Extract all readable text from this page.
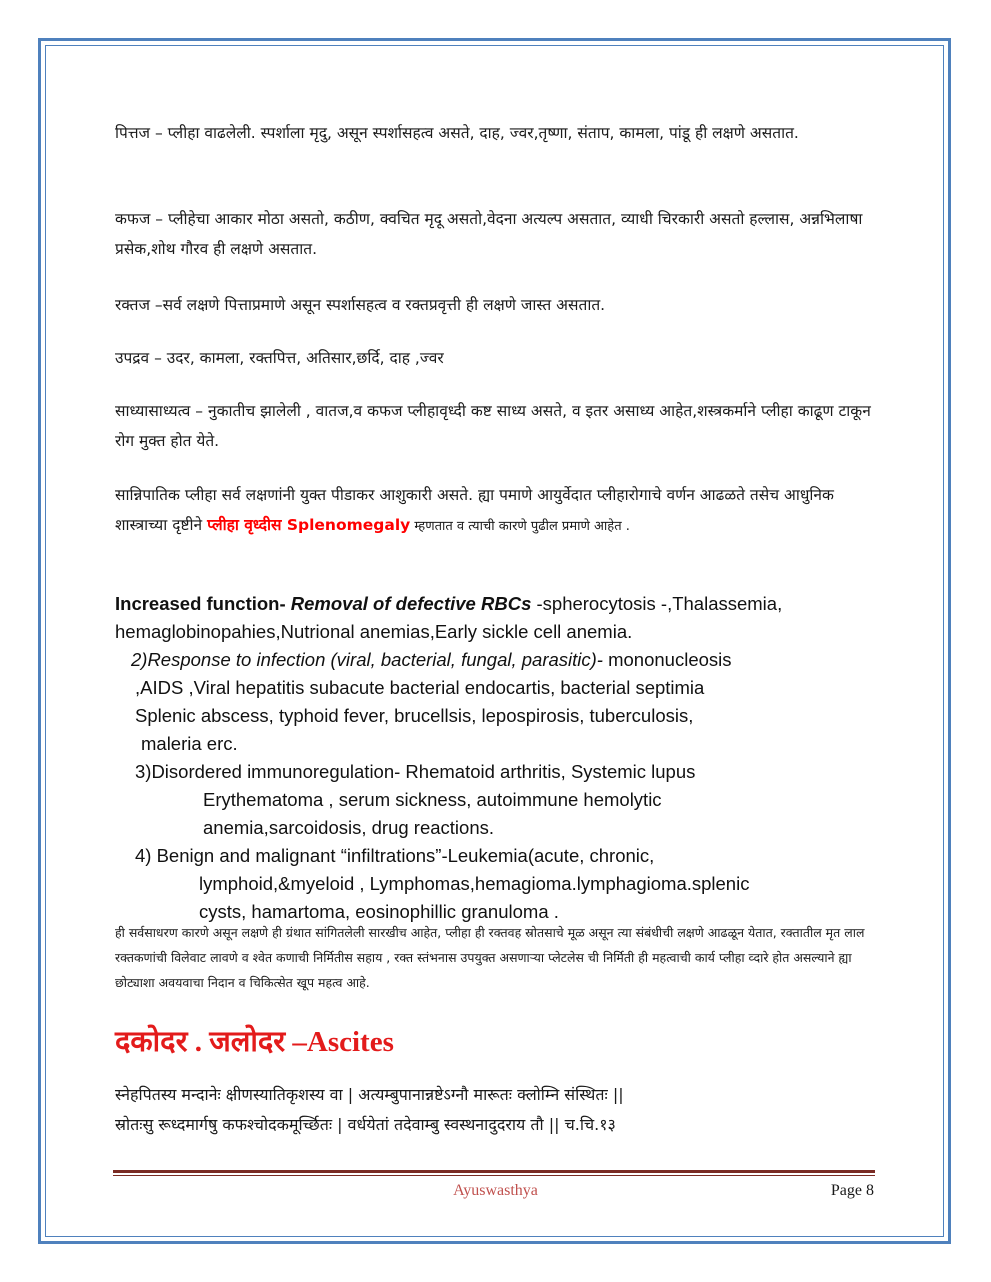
पित्तज – प्लीहा वाढलेली. स्पर्शाला मृदु, असून स्पर्शासहत्व असते, दाह, ज्वर,तृष्णा, संताप, कामला, पांडू ही लक्षणे असतात.

कफज – प्लीहेचा आकार मोठा असतो, कठीण, क्वचित मृदू असतो,वेदना अत्यल्प असतात, व्याधी चिरकारी असतो हल्लास, अन्नभिलाषा प्रसेक,शोथ गौरव ही लक्षणे असतात.

रक्तज –सर्व लक्षणे पित्ताप्रमाणे असून स्पर्शासहत्व व रक्तप्रवृत्ती ही लक्षणे जास्त असतात.

उपद्रव – उदर, कामला, रक्तपित्त, अतिसार,छर्दि, दाह ,ज्वर

साध्यासाध्यत्व – नुकातीच झालेली , वातज,व कफज प्लीहावृध्दी कष्ट साध्य असते, व इतर असाध्य आहेत,शस्त्रकर्माने प्लीहा काढूण टाकून रोग मुक्त होत येते.

सान्निपातिक प्लीहा सर्व लक्षणांनी युक्त पीडाकर आशुकारी असते. ह्या पमाणे आयुर्वेदात प्लीहारोगाचे वर्णन आढळते तसेच आधुनिक शास्त्राच्या दृष्टीने प्लीहा वृध्दीस Splenomegaly म्हणतात व त्याची कारणे पुढील प्रमाणे आहेत .

Increased function- Removal of defective RBCs -spherocytosis -,Thalassemia,
hemaglobinopahies,Nutrional anemias,Early sickle cell anemia.
2)Response to infection (viral, bacterial, fungal, parasitic)- mononucleosis
,AIDS ,Viral hepatitis subacute bacterial endocartis, bacterial septimia
Splenic abscess, typhoid fever, brucellsis, lepospirosis, tuberculosis,
maleria erc.
3)Disordered immunoregulation- Rhematoid arthritis, Systemic lupus
Erythematoma , serum sickness, autoimmune hemolytic
anemia,sarcoidosis, drug reactions.
4) Benign and malignant “infiltrations”-Leukemia(acute, chronic,
lymphoid,&myeloid , Lymphomas,hemagioma.lymphagioma.splenic
cysts, hamartoma, eosinophillic granuloma .

ही सर्वसाधरण कारणे असून लक्षणे ही ग्रंथात सांगितलेली सारखीच आहेत, प्लीहा ही रक्तवह स्रोतसाचे मूळ असून त्या संबंधीची लक्षणे आढळून येतात, रक्तातील मृत लाल रक्तकणांची विलेवाट लावणे व श्वेत कणाची निर्मितीस सहाय , रक्त स्तंभनास उपयुक्त असणाऱ्या प्लेटलेस ची निर्मिती ही महत्वाची कार्य प्लीहा व्दारे होत असल्याने ह्या छोट्याशा अवयवाचा निदान व चिकित्सेत खूप महत्व आहे.

दकोदर . जलोदर –Ascites
स्नेहपितस्य मन्दानेः क्षीणस्यातिकृशस्य वा | अत्यम्बुपानान्नष्टेऽग्नौ मारूतः क्लोम्नि संस्थितः ||
स्रोतःसु रूध्दमार्गषु कफश्चोदकमूर्च्छितः | वर्धयेतां तदेवाम्बु स्वस्थनादुदराय तौ || च.चि.१३
Ayuswasthya	Page 8
